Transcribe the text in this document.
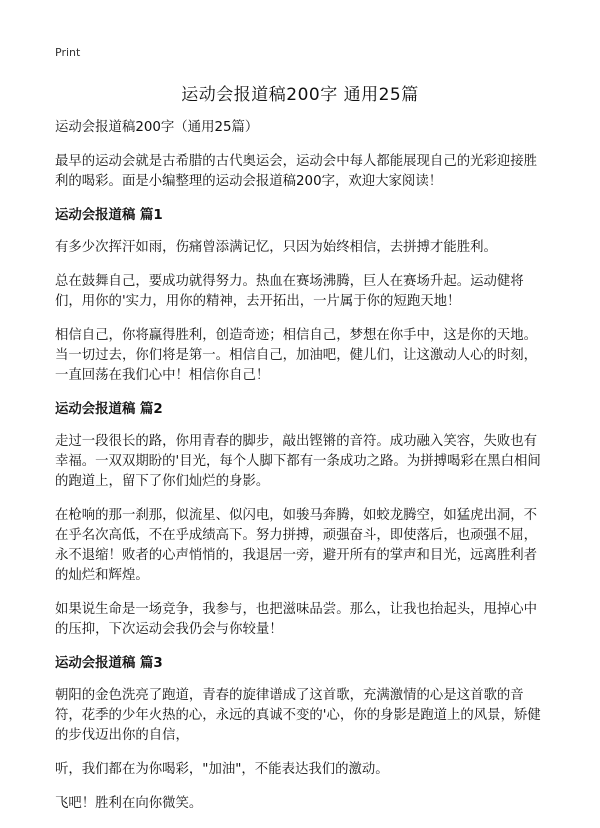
Print
运动会报道稿200字 通用25篇

运动会报道稿200字（通用25篇）

最早的运动会就是古希腊的古代奥运会，运动会中每人都能展现自己的光彩迎接胜利的喝彩。面是小编整理的运动会报道稿200字，欢迎大家阅读！

运动会报道稿 篇1

有多少次挥汗如雨，伤痛曾添满记忆，只因为始终相信，去拼搏才能胜利。

总在鼓舞自己，要成功就得努力。热血在赛场沸腾，巨人在赛场升起。运动健将们，用你的'实力，用你的精神，去开拓出，一片属于你的短跑天地！

相信自己，你将赢得胜利，创造奇迹；相信自己，梦想在你手中，这是你的天地。当一切过去，你们将是第一。相信自己，加油吧，健儿们，让这激动人心的时刻，一直回荡在我们心中！相信你自己！

运动会报道稿 篇2

走过一段很长的路，你用青春的脚步，敲出铿锵的音符。成功融入笑容，失败也有幸福。一双双期盼的'目光，每个人脚下都有一条成功之路。为拼搏喝彩在黑白相间的跑道上，留下了你们灿烂的身影。

在枪响的那一刹那，似流星、似闪电，如骏马奔腾，如蛟龙腾空，如猛虎出洞，不在乎名次高低，不在乎成绩高下。努力拼搏，顽强奋斗，即使落后，也顽强不屈，永不退缩！败者的心声悄悄的，我退居一旁，避开所有的掌声和目光，远离胜利者的灿烂和辉煌。

如果说生命是一场竞争，我参与，也把滋味品尝。那么，让我也抬起头，甩掉心中的压抑，下次运动会我仍会与你较量！

运动会报道稿 篇3

朝阳的金色洗亮了跑道，青春的旋律谱成了这首歌，充满激情的心是这首歌的音符，花季的少年火热的心，永远的真诚不变的'心，你的身影是跑道上的风景，矫健的步伐迈出你的自信，

听，我们都在为你喝彩，"加油"，不能表达我们的激动。

飞吧！胜利在向你微笑。
